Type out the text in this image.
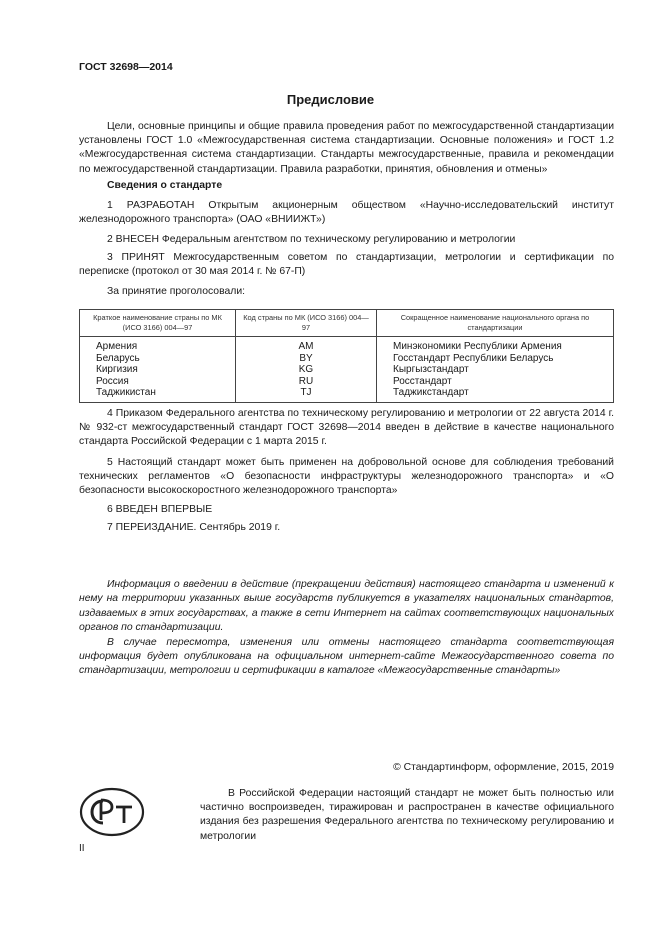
ГОСТ 32698—2014
Предисловие

Цели, основные принципы и общие правила проведения работ по межгосударственной стандартизации установлены ГОСТ 1.0 «Межгосударственная система стандартизации. Основные положения» и ГОСТ 1.2 «Межгосударственная система стандартизации. Стандарты межгосударственные, правила и рекомендации по межгосударственной стандартизации. Правила разработки, принятия, обновления и отмены»

Сведения о стандарте

1 РАЗРАБОТАН Открытым акционерным обществом «Научно-исследовательский институт железнодорожного транспорта» (ОАО «ВНИИЖТ»)

2 ВНЕСЕН Федеральным агентством по техническому регулированию и метрологии

3 ПРИНЯТ Межгосударственным советом по стандартизации, метрологии и сертификации по переписке (протокол от 30 мая 2014 г. № 67-П)

За принятие проголосовали:

Краткое наименование страны по МК (ИСО 3166) 004—97	Код страны по МК (ИСО 3166) 004—97	Сокращенное наименование национального органа по стандартизации
Армения	AM	Минэкономики Республики Армения
Беларусь	BY	Госстандарт Республики Беларусь
Киргизия	KG	Кыргызстандарт
Россия	RU	Росстандарт
Таджикистан	TJ	Таджикстандарт

4 Приказом Федерального агентства по техническому регулированию и метрологии от 22 августа 2014 г. № 932-ст межгосударственный стандарт ГОСТ 32698—2014 введен в действие в качестве национального стандарта Российской Федерации с 1 марта 2015 г.

5 Настоящий стандарт может быть применен на добровольной основе для соблюдения требований технических регламентов «О безопасности инфраструктуры железнодорожного транспорта» и «О безопасности высокоскоростного железнодорожного транспорта»

6 ВВЕДЕН ВПЕРВЫЕ

7 ПЕРЕИЗДАНИЕ. Сентябрь 2019 г.

Информация о введении в действие (прекращении действия) настоящего стандарта и изменений к нему на территории указанных выше государств публикуется в указателях национальных стандартов, издаваемых в этих государствах, а также в сети Интернет на сайтах соответствующих национальных органов по стандартизации.

В случае пересмотра, изменения или отмены настоящего стандарта соответствующая информация будет опубликована на официальном интернет-сайте Межгосударственного совета по стандартизации, метрологии и сертификации в каталоге «Межгосударственные стандарты»

© Стандартинформ, оформление, 2015, 2019

В Российской Федерации настоящий стандарт не может быть полностью или частично воспроизведен, тиражирован и распространен в качестве официального издания без разрешения Федерального агентства по техническому регулированию и метрологии

II
